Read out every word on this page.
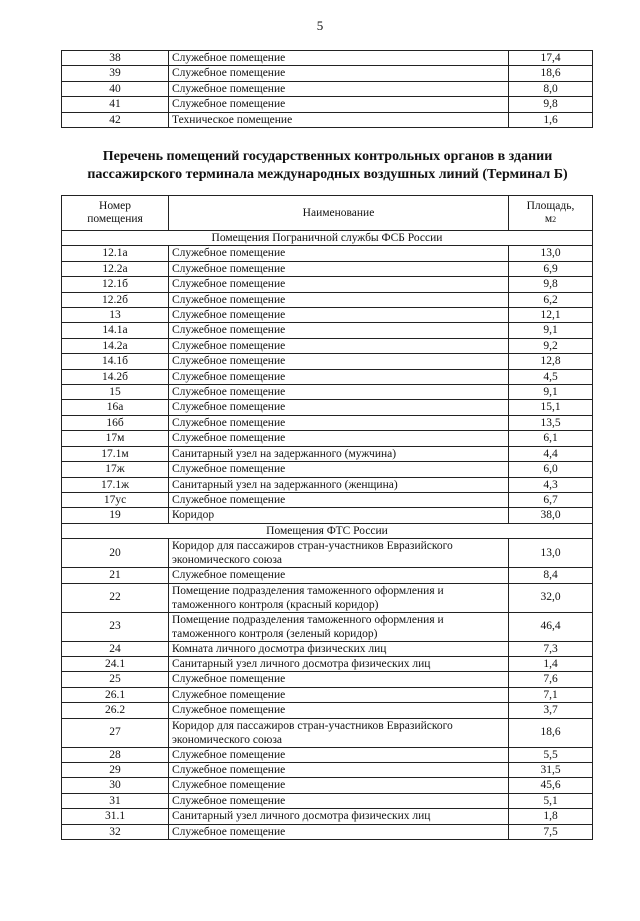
5
38	Служебное помещение	17,4
39	Служебное помещение	18,6
40	Служебное помещение	8,0
41	Служебное помещение	9,8
42	Техническое помещение	1,6
Перечень помещений государственных контрольных органов в здании
пассажирского терминала международных воздушных линий (Терминал Б)
Номер
помещения	Наименование	Площадь,
$м^2$
Помещения Пограничной службы ФСБ России		
12.1а	Служебное помещение	13,0
12.2а	Служебное помещение	6,9
12.1б	Служебное помещение	9,8
12.2б	Служебное помещение	6,2
13	Служебное помещение	12,1
14.1а	Служебное помещение	9,1
14.2а	Служебное помещение	9,2
14.1б	Служебное помещение	12,8
14.2б	Служебное помещение	4,5
15	Служебное помещение	9,1
16а	Служебное помещение	15,1
16б	Служебное помещение	13,5
17м	Служебное помещение	6,1
17.1м	Санитарный узел на задержанного (мужчина)	4,4
17ж	Служебное помещение	6,0
17.1ж	Санитарный узел на задержанного (женщина)	4,3
17ус	Служебное помещение	6,7
19	Коридор	38,0
Помещения ФТС России		
20	Коридор для пассажиров стран-участников Евразийского экономического союза	13,0
21	Служебное помещение	8,4
22	Помещение подразделения таможенного оформления и таможенного контроля (красный коридор)	32,0
23	Помещение подразделения таможенного оформления и таможенного контроля (зеленый коридор)	46,4
24	Комната личного досмотра физических лиц	7,3
24.1	Санитарный узел личного досмотра физических лиц	1,4
25	Служебное помещение	7,6
26.1	Служебное помещение	7,1
26.2	Служебное помещение	3,7
27	Коридор для пассажиров стран-участников Евразийского экономического союза	18,6
28	Служебное помещение	5,5
29	Служебное помещение	31,5
30	Служебное помещение	45,6
31	Служебное помещение	5,1
31.1	Санитарный узел личного досмотра физических лиц	1,8
32	Служебное помещение	7,5
